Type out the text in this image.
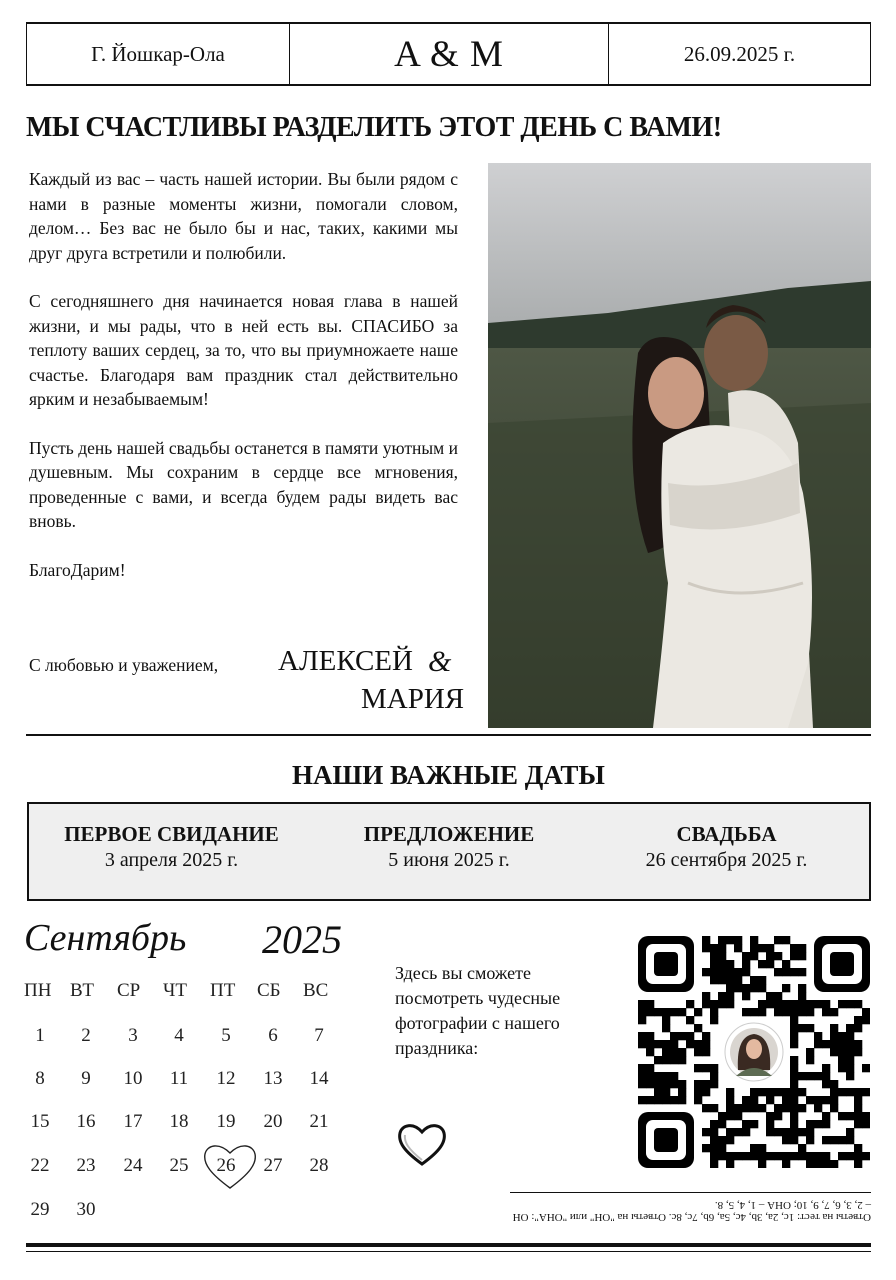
Г. Йошкар-Ола	A & M	26.09.2025 г.
МЫ СЧАСТЛИВЫ РАЗДЕЛИТЬ ЭТОТ ДЕНЬ С ВАМИ!

Каждый из вас – часть нашей истории. Вы были рядом с нами в разные моменты жизни, помогали словом, делом… Без вас не было бы и нас, таких, какими мы друг друга встретили и полюбили.

С сегодняшнего дня начинается новая глава в нашей жизни, и мы рады, что в ней есть вы. СПАСИБО за теплоту ваших сердец, за то, что вы приумножаете наше счастье. Благодаря вам праздник стал действительно ярким и незабываемым!

Пусть день нашей свадьбы останется в памяти уютным и душевным. Мы сохраним в сердце все мгновения, проведенные с вами, и всегда будем рады видеть вас вновь.

БлагоДарим!

С любовью и уважением, АЛЕКСЕЙ &
МАРИЯ
НАШИ ВАЖНЫЕ ДАТЫ
ПЕРВОЕ СВИДАНИЕ
3 апреля 2025 г.
ПРЕДЛОЖЕНИЕ
5 июня 2025 г.
СВАДЬБА
26 сентября 2025 г.
Сентябрь 2025
ПН ВТ СР ЧТ ПТ СБ ВС
1	2	3	4	5	6	7
8	9	10	11	12	13	14
15	16	17	18	19	20	21
22	23	24	25	26	27	28
29	30
Здесь вы сможете посмотреть чудесные фотографии с нашего праздника:
Ответы на тест: 1с, 2а, 3b, 4с, 5а, 6b, 7с, 8с. Ответы на "ОН" или "ОНА": ОН – 2, 3, 6, 7, 9, 10; ОНА – 1, 4, 5, 8.
